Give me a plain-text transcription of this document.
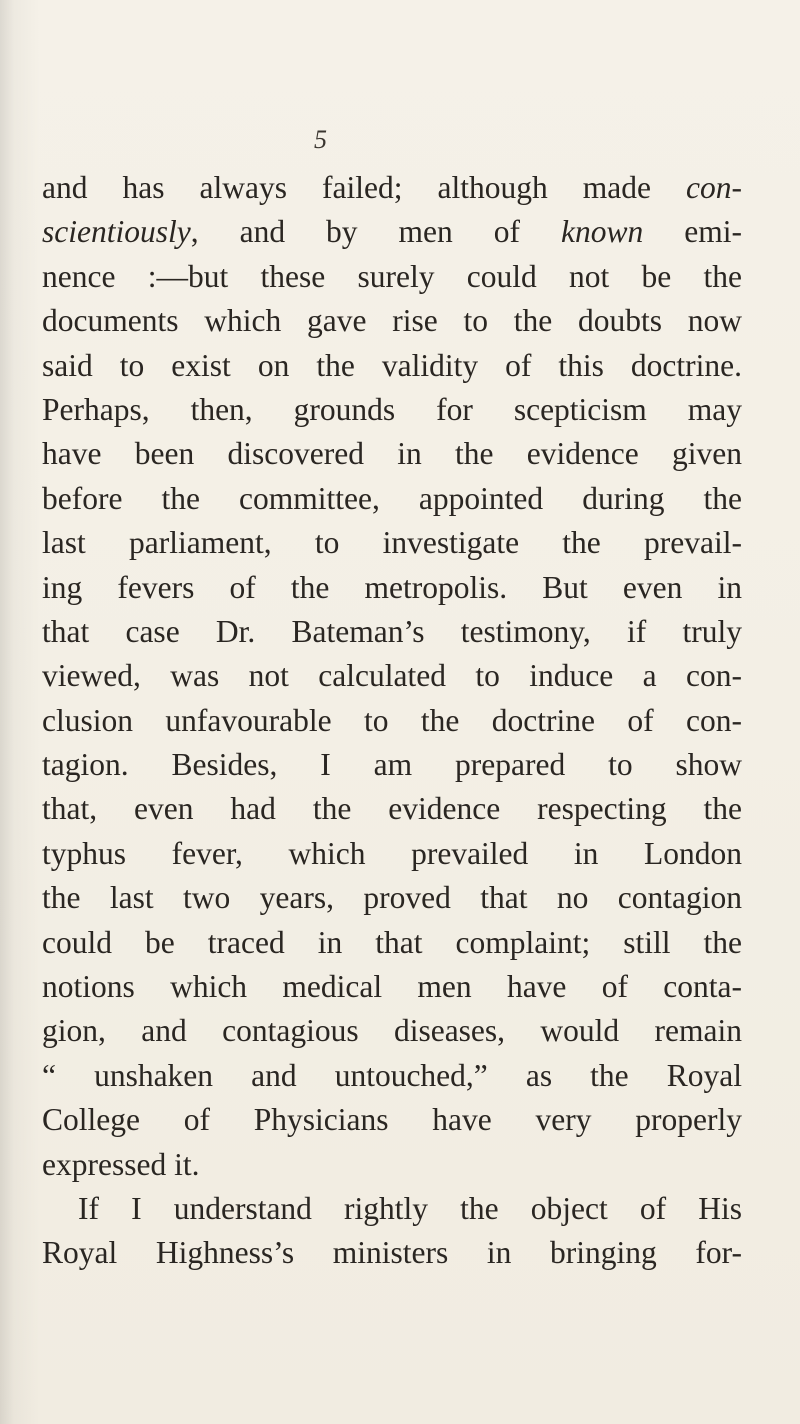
5
and has always failed; although made con-
scientiously, and by men of known emi-
nence :—but these surely could not be the
documents which gave rise to the doubts now
said to exist on the validity of this doctrine.
Perhaps, then, grounds for scepticism may
have been discovered in the evidence given
before the committee, appointed during the
last parliament, to investigate the prevail-
ing fevers of the metropolis. But even in
that case Dr. Bateman’s testimony, if truly
viewed, was not calculated to induce a con-
clusion unfavourable to the doctrine of con-
tagion. Besides, I am prepared to show
that, even had the evidence respecting the
typhus fever, which prevailed in London
the last two years, proved that no contagion
could be traced in that complaint; still the
notions which medical men have of conta-
gion, and contagious diseases, would remain
“ unshaken and untouched,” as the Royal
College of Physicians have very properly
expressed it.
If I understand rightly the object of His
Royal Highness’s ministers in bringing for-
